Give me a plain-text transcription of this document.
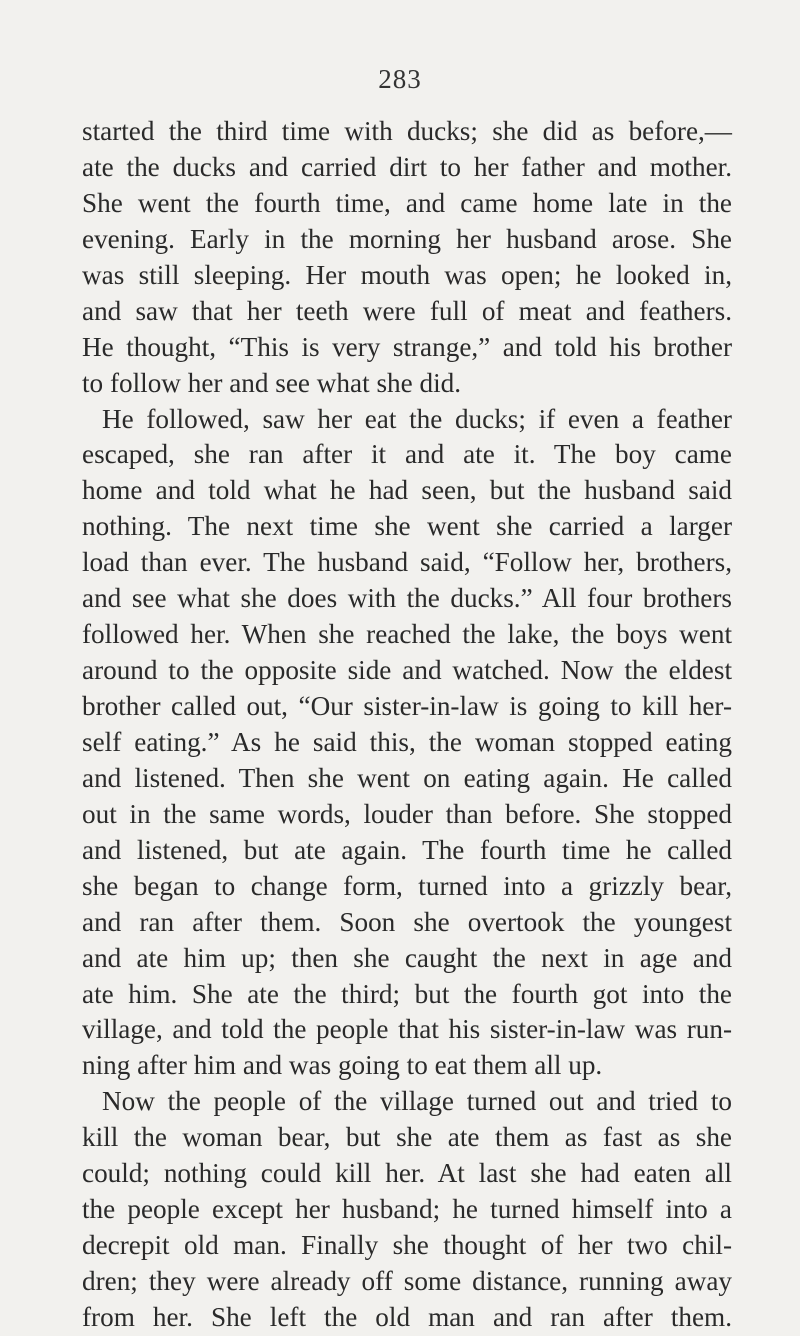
283
started the third time with ducks; she did as before,—
ate the ducks and carried dirt to her father and mother.
She went the fourth time, and came home late in the
evening. Early in the morning her husband arose. She
was still sleeping. Her mouth was open; he looked in,
and saw that her teeth were full of meat and feathers.
He thought, “This is very strange,” and told his brother
to follow her and see what she did.
He followed, saw her eat the ducks; if even a feather
escaped, she ran after it and ate it. The boy came
home and told what he had seen, but the husband said
nothing. The next time she went she carried a larger
load than ever. The husband said, “Follow her, brothers,
and see what she does with the ducks.” All four brothers
followed her. When she reached the lake, the boys went
around to the opposite side and watched. Now the eldest
brother called out, “Our sister-in-law is going to kill her-
self eating.” As he said this, the woman stopped eating
and listened. Then she went on eating again. He called
out in the same words, louder than before. She stopped
and listened, but ate again. The fourth time he called
she began to change form, turned into a grizzly bear,
and ran after them. Soon she overtook the youngest
and ate him up; then she caught the next in age and
ate him. She ate the third; but the fourth got into the
village, and told the people that his sister-in-law was run-
ning after him and was going to eat them all up.
Now the people of the village turned out and tried to
kill the woman bear, but she ate them as fast as she
could; nothing could kill her. At last she had eaten all
the people except her husband; he turned himself into a
decrepit old man. Finally she thought of her two chil-
dren; they were already off some distance, running away
from her. She left the old man and ran after them.
